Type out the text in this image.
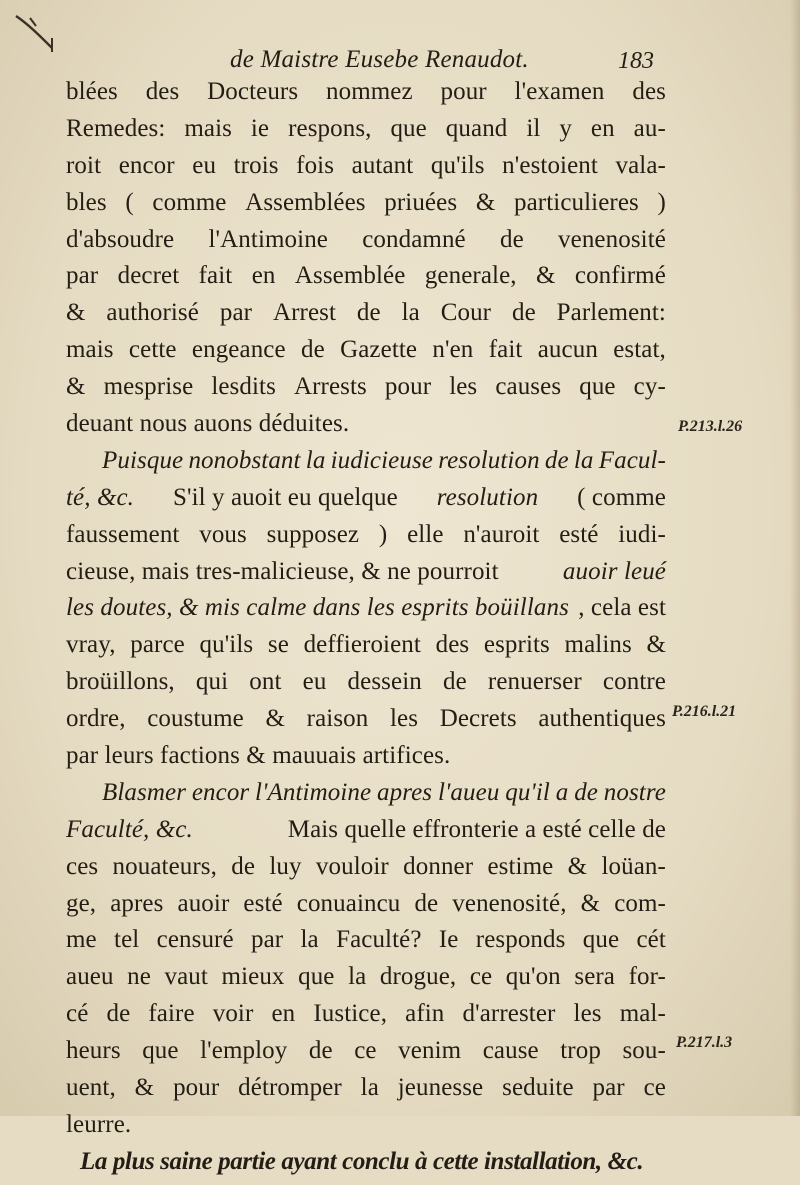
de Maistre Eusebe Renaudot.	183
blées des Docteurs nommez pour l'examen des
Remedes: mais ie respons, que quand il y en au-
roit encor eu trois fois autant qu'ils n'estoient vala-
bles ( comme Assemblées priuées & particulieres )
d'absoudre l'Antimoine condamné de venenosité
par decret fait en Assemblée generale, & confirmé
& authorisé par Arrest de la Cour de Parlement:
mais cette engeance de Gazette n'en fait aucun estat,
& mesprise lesdits Arrests pour les causes que cy-
deuant nous auons déduites.
Puisque nonobstant la iudicieuse resolution de la Facul-
té, &c. S'il y auoit eu quelque resolution ( comme
faussement vous supposez ) elle n'auroit esté iudi-
cieuse, mais tres-malicieuse, & ne pourroit auoir leué
les doutes, & mis calme dans les esprits boüillans , cela est
vray, parce qu'ils se deffieroient des esprits malins &
broüillons, qui ont eu dessein de renuerser contre
ordre, coustume & raison les Decrets authentiques
par leurs factions & mauuais artifices.
Blasmer encor l'Antimoine apres l'aueu qu'il a de nostre
Faculté, &c.	Mais quelle effronterie a esté celle de
ces nouateurs, de luy vouloir donner estime & loüan-
ge, apres auoir esté conuaincu de venenosité, & com-
me tel censuré par la Faculté? Ie responds que cét
aueu ne vaut mieux que la drogue, ce qu'on sera for-
cé de faire voir en Iustice, afin d'arrester les mal-
heurs que l'employ de ce venim cause trop sou-
uent, & pour détromper la jeunesse seduite par ce
leurre.
La plus saine partie ayant conclu à cette installation, &c.
P.213.l.26
P.216.l.21
P.217.l.3
